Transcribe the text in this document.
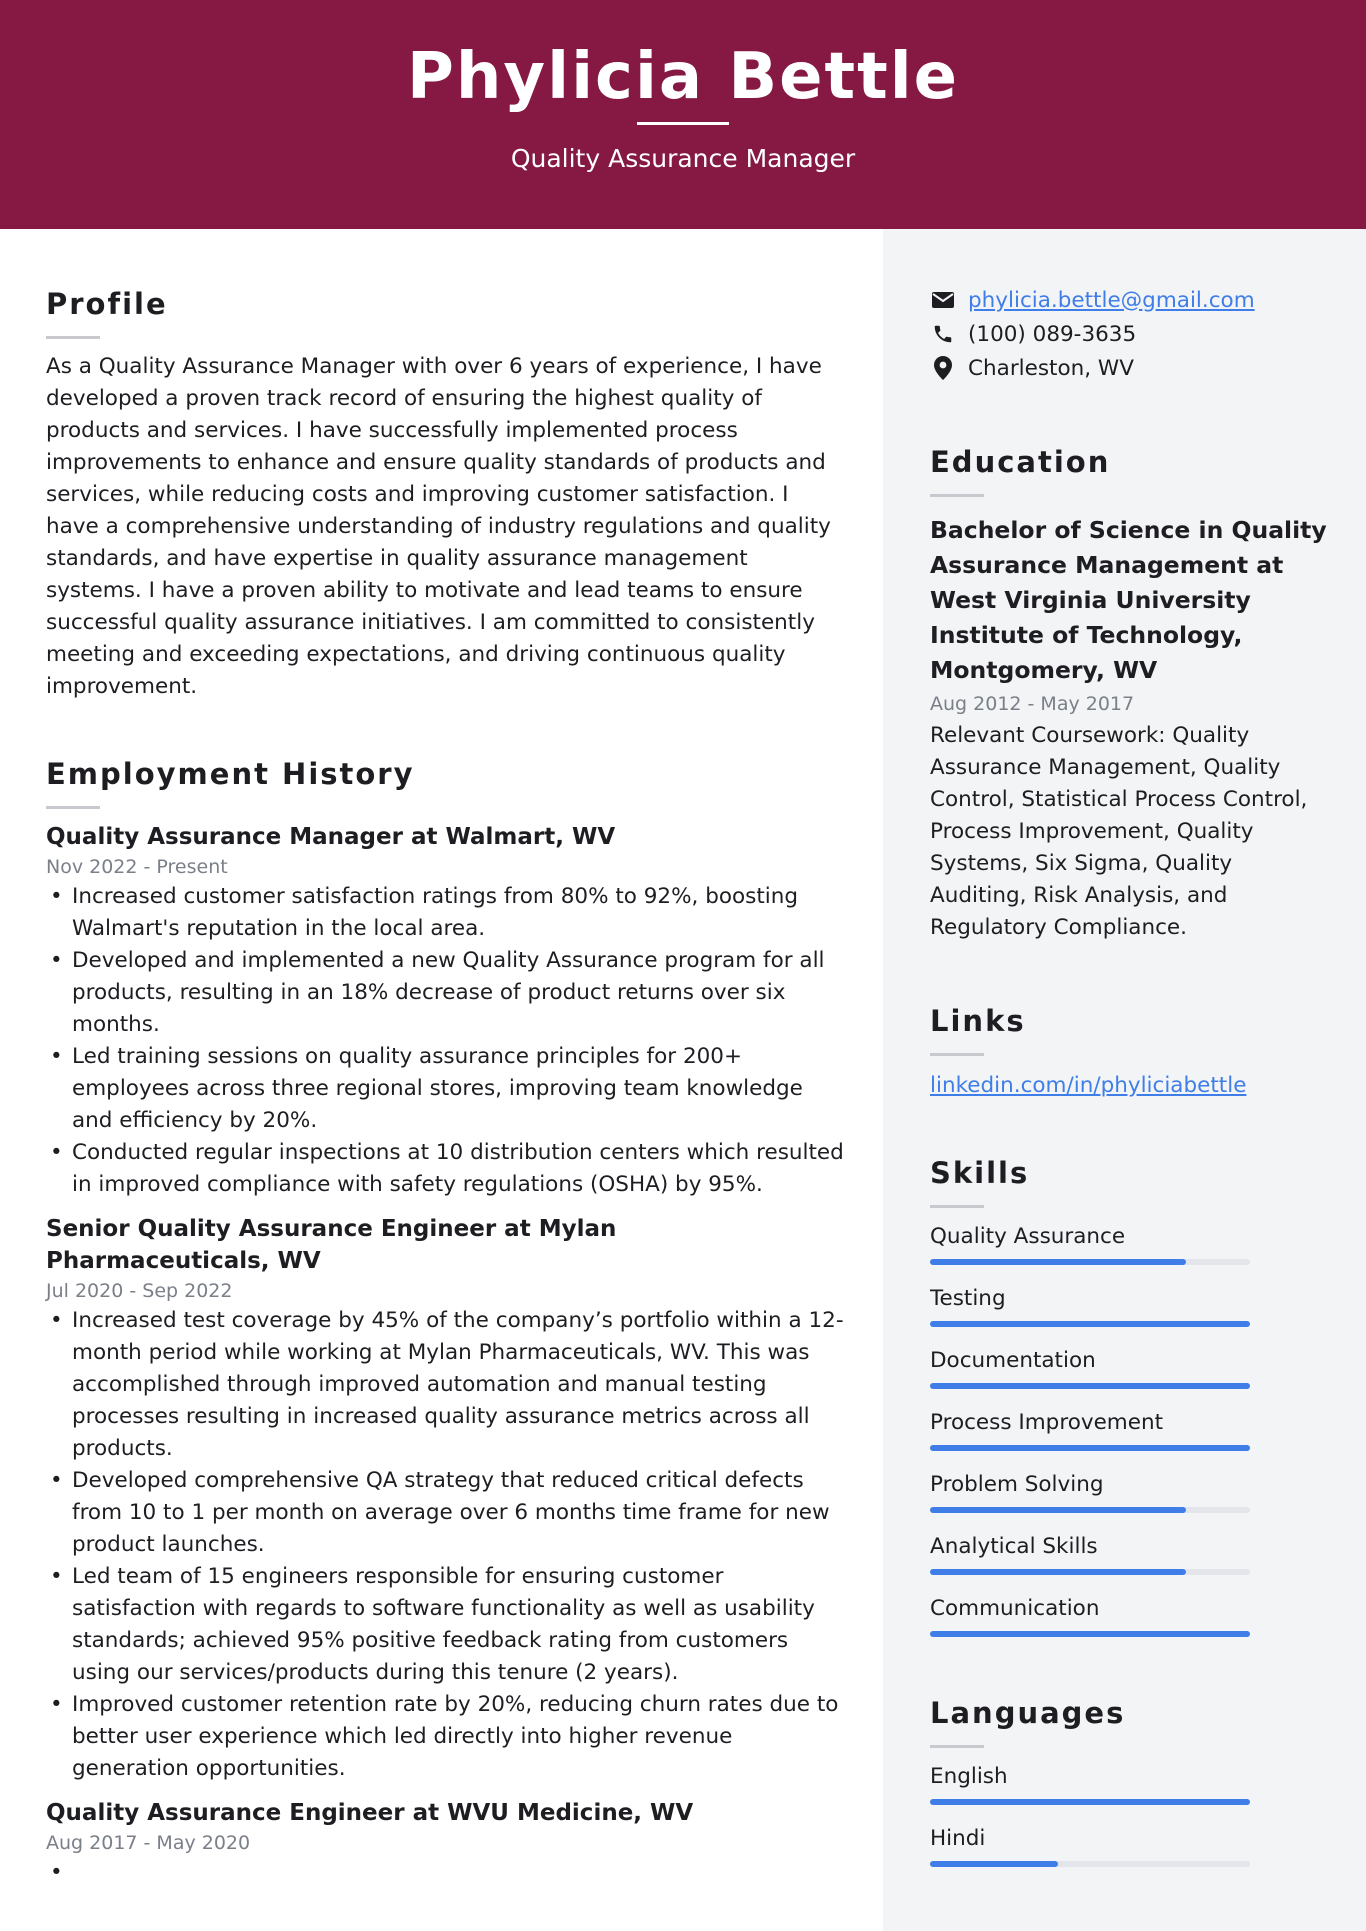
Phylicia Bettle
Quality Assurance Manager
phylicia.bettle@gmail.com
(100) 089-3635
Charleston, WV
Education
Bachelor of Science in Quality Assurance Management at West Virginia University Institute of Technology, Montgomery, WV
Aug 2012 - May 2017
Relevant Coursework: Quality Assurance Management, Quality Control, Statistical Process Control, Process Improvement, Quality Systems, Six Sigma, Quality Auditing, Risk Analysis, and Regulatory Compliance.
Links
linkedin.com/in/phyliciabettle
Skills
Quality Assurance
Testing
Documentation
Process Improvement
Problem Solving
Analytical Skills
Communication
Languages
English
Hindi
Profile
As a Quality Assurance Manager with over 6 years of experience, I have developed a proven track record of ensuring the highest quality of products and services. I have successfully implemented process improvements to enhance and ensure quality standards of products and services, while reducing costs and improving customer satisfaction. I have a comprehensive understanding of industry regulations and quality standards, and have expertise in quality assurance management systems. I have a proven ability to motivate and lead teams to ensure successful quality assurance initiatives. I am committed to consistently meeting and exceeding expectations, and driving continuous quality improvement.
Employment History
Quality Assurance Manager at Walmart, WV
Nov 2022 - Present
• Increased customer satisfaction ratings from 80% to 92%, boosting Walmart's reputation in the local area.
• Developed and implemented a new Quality Assurance program for all products, resulting in an 18% decrease of product returns over six months.
• Led training sessions on quality assurance principles for 200+ employees across three regional stores, improving team knowledge and efficiency by 20%.
• Conducted regular inspections at 10 distribution centers which resulted in improved compliance with safety regulations (OSHA) by 95%.
Senior Quality Assurance Engineer at Mylan Pharmaceuticals, WV
Jul 2020 - Sep 2022
• Increased test coverage by 45% of the company’s portfolio within a 12-month period while working at Mylan Pharmaceuticals, WV. This was accomplished through improved automation and manual testing processes resulting in increased quality assurance metrics across all products.
• Developed comprehensive QA strategy that reduced critical defects from 10 to 1 per month on average over 6 months time frame for new product launches.
• Led team of 15 engineers responsible for ensuring customer satisfaction with regards to software functionality as well as usability standards; achieved 95% positive feedback rating from customers using our services/products during this tenure (2 years).
• Improved customer retention rate by 20%, reducing churn rates due to better user experience which led directly into higher revenue generation opportunities.
Quality Assurance Engineer at WVU Medicine, WV
Aug 2017 - May 2020
•
